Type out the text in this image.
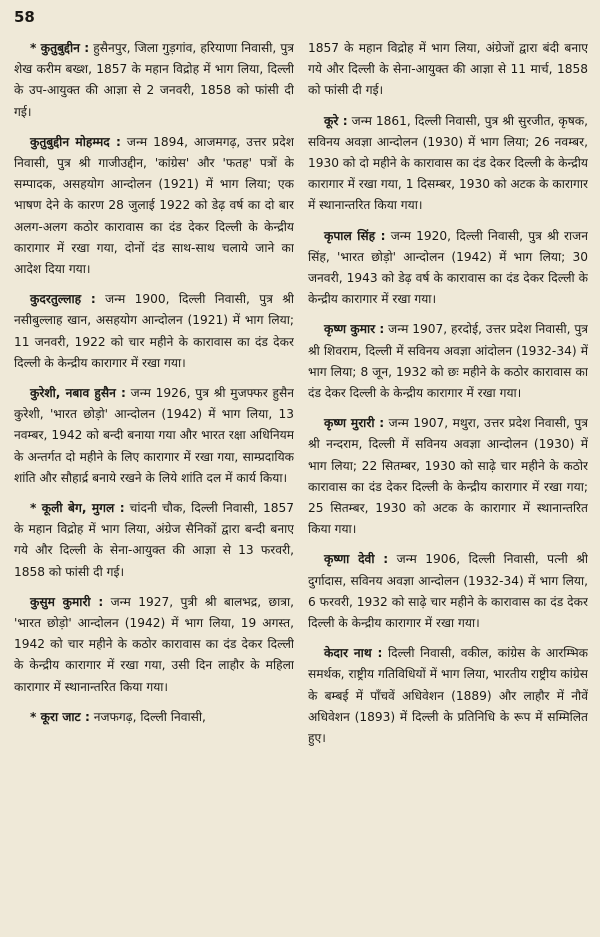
58

* कुतुबुद्दीन : हुसैनपुर, जिला गुड़गांव, हरियाणा निवासी, पुत्र शेख करीम बख्श, 1857 के महान विद्रोह में भाग लिया, दिल्ली के उप-आयुक्त की आज्ञा से 2 जनवरी, 1858 को फांसी दी गई।

कुतुबुद्दीन मोहम्मद : जन्म 1894, आजमगढ़, उत्तर प्रदेश निवासी, पुत्र श्री गाजीउद्दीन, 'कांग्रेस' और 'फतह' पत्रों के सम्पादक, असहयोग आन्दोलन (1921) में भाग लिया; एक भाषण देने के कारण 28 जुलाई 1922 को डेढ़ वर्ष का दो बार अलग-अलग कठोर कारावास का दंड देकर दिल्ली के केन्द्रीय कारागार में रखा गया, दोनों दंड साथ-साथ चलाये जाने का आदेश दिया गया।

कुदरतुल्लाह : जन्म 1900, दिल्ली निवासी, पुत्र श्री नसीबुल्लाह खान, असहयोग आन्दोलन (1921) में भाग लिया; 11 जनवरी, 1922 को चार महीने के कारावास का दंड देकर दिल्ली के केन्द्रीय कारागार में रखा गया।

कुरेशी, नबाव हुसैन : जन्म 1926, पुत्र श्री मुजफ्फर हुसैन कुरेशी, 'भारत छोड़ो' आन्दोलन (1942) में भाग लिया, 13 नवम्बर, 1942 को बन्दी बनाया गया और भारत रक्षा अधिनियम के अन्तर्गत दो महीने के लिए कारागार में रखा गया, साम्प्रदायिक शांति और सौहार्द्र बनाये रखने के लिये शांति दल में कार्य किया।

* कूली बेग, मुगल : चांदनी चौक, दिल्ली निवासी, 1857 के महान विद्रोह में भाग लिया, अंग्रेज सैनिकों द्वारा बन्दी बनाए गये और दिल्ली के सेना-आयुक्त की आज्ञा से 13 फरवरी, 1858 को फांसी दी गई।

कुसुम कुमारी : जन्म 1927, पुत्री श्री बालभद्र, छात्रा, 'भारत छोड़ो' आन्दोलन (1942) में भाग लिया, 19 अगस्त, 1942 को चार महीने के कठोर कारावास का दंड देकर दिल्ली के केन्द्रीय कारागार में रखा गया, उसी दिन लाहौर के महिला कारागार में स्थानान्तरित किया गया।

* कूरा जाट : नजफगढ़, दिल्ली निवासी,

1857 के महान विद्रोह में भाग लिया, अंग्रेजों द्वारा बंदी बनाए गये और दिल्ली के सेना-आयुक्त की आज्ञा से 11 मार्च, 1858 को फांसी दी गई।

कूरे : जन्म 1861, दिल्ली निवासी, पुत्र श्री सुरजीत, कृषक, सविनय अवज्ञा आन्दोलन (1930) में भाग लिया; 26 नवम्बर, 1930 को दो महीने के कारावास का दंड देकर दिल्ली के केन्द्रीय कारागार में रखा गया, 1 दिसम्बर, 1930 को अटक के कारागार में स्थानान्तरित किया गया।

कृपाल सिंह : जन्म 1920, दिल्ली निवासी, पुत्र श्री राजन सिंह, 'भारत छोड़ो' आन्दोलन (1942) में भाग लिया; 30 जनवरी, 1943 को डेढ़ वर्ष के कारावास का दंड देकर दिल्ली के केन्द्रीय कारागार में रखा गया।

कृष्ण कुमार : जन्म 1907, हरदोई, उत्तर प्रदेश निवासी, पुत्र श्री शिवराम, दिल्ली में सविनय अवज्ञा आंदोलन (1932-34) में भाग लिया; 8 जून, 1932 को छः महीने के कठोर कारावास का दंड देकर दिल्ली के केन्द्रीय कारागार में रखा गया।

कृष्ण मुरारी : जन्म 1907, मथुरा, उत्तर प्रदेश निवासी, पुत्र श्री नन्दराम, दिल्ली में सविनय अवज्ञा आन्दोलन (1930) में भाग लिया; 22 सितम्बर, 1930 को साढ़े चार महीने के कठोर कारावास का दंड देकर दिल्ली के केन्द्रीय कारागार में रखा गया; 25 सितम्बर, 1930 को अटक के कारागार में स्थानान्तरित किया गया।

कृष्णा देवी : जन्म 1906, दिल्ली निवासी, पत्नी श्री दुर्गादास, सविनय अवज्ञा आन्दोलन (1932-34) में भाग लिया, 6 फरवरी, 1932 को साढ़े चार महीने के कारावास का दंड देकर दिल्ली के केन्द्रीय कारागार में रखा गया।

केदार नाथ : दिल्ली निवासी, वकील, कांग्रेस के आरम्भिक समर्थक, राष्ट्रीय गतिविधियों में भाग लिया, भारतीय राष्ट्रीय कांग्रेस के बम्बई में पाँचवें अधिवेशन (1889) और लाहौर में नौवें अधिवेशन (1893) में दिल्ली के प्रतिनिधि के रूप में सम्मिलित हुए।
